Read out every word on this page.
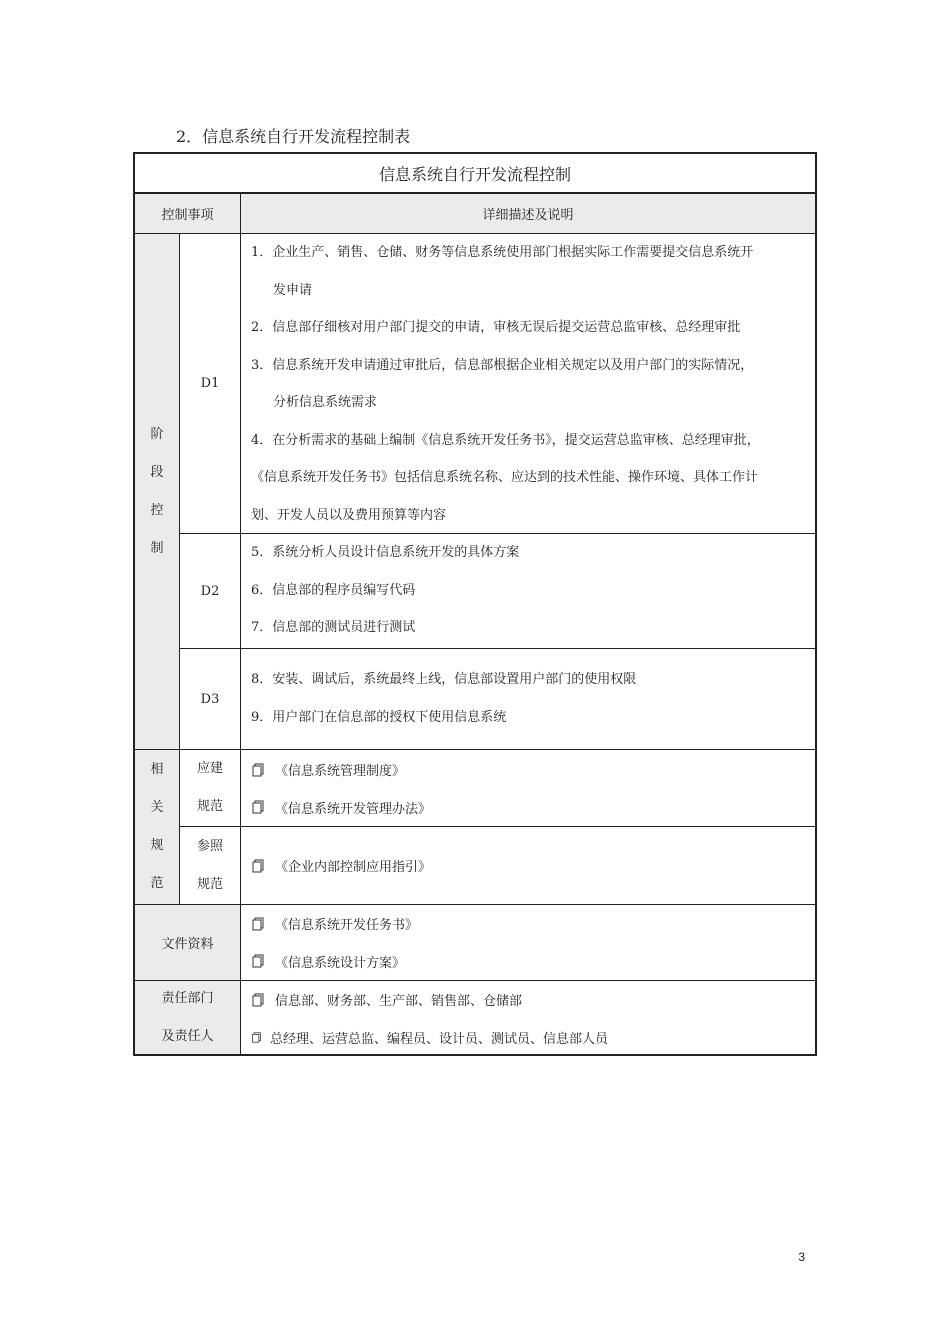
2．信息系统自行开发流程控制表
信息系统自行开发流程控制
控制事项	详细描述及说明
阶
段
控
制
D1
1．企业生产、销售、仓储、财务等信息系统使用部门根据实际工作需要提交信息系统开
发申请
2．信息部仔细核对用户部门提交的申请，审核无误后提交运营总监审核、总经理审批
3．信息系统开发申请通过审批后，信息部根据企业相关规定以及用户部门的实际情况，
分析信息系统需求
4．在分析需求的基础上编制《信息系统开发任务书》，提交运营总监审核、总经理审批，
《信息系统开发任务书》包括信息系统名称、应达到的技术性能、操作环境、具体工作计
划、开发人员以及费用预算等内容
D2
5．系统分析人员设计信息系统开发的具体方案
6．信息部的程序员编写代码
7．信息部的测试员进行测试
D3
8．安装、调试后，系统最终上线，信息部设置用户部门的使用权限
9．用户部门在信息部的授权下使用信息系统
相
关
规
范
应建
规范
《信息系统管理制度》
《信息系统开发管理办法》
参照
规范
《企业内部控制应用指引》
文件资料
《信息系统开发任务书》
《信息系统设计方案》
责任部门
及责任人
信息部、财务部、生产部、销售部、仓储部
总经理、运营总监、编程员、设计员、测试员、信息部人员
3
